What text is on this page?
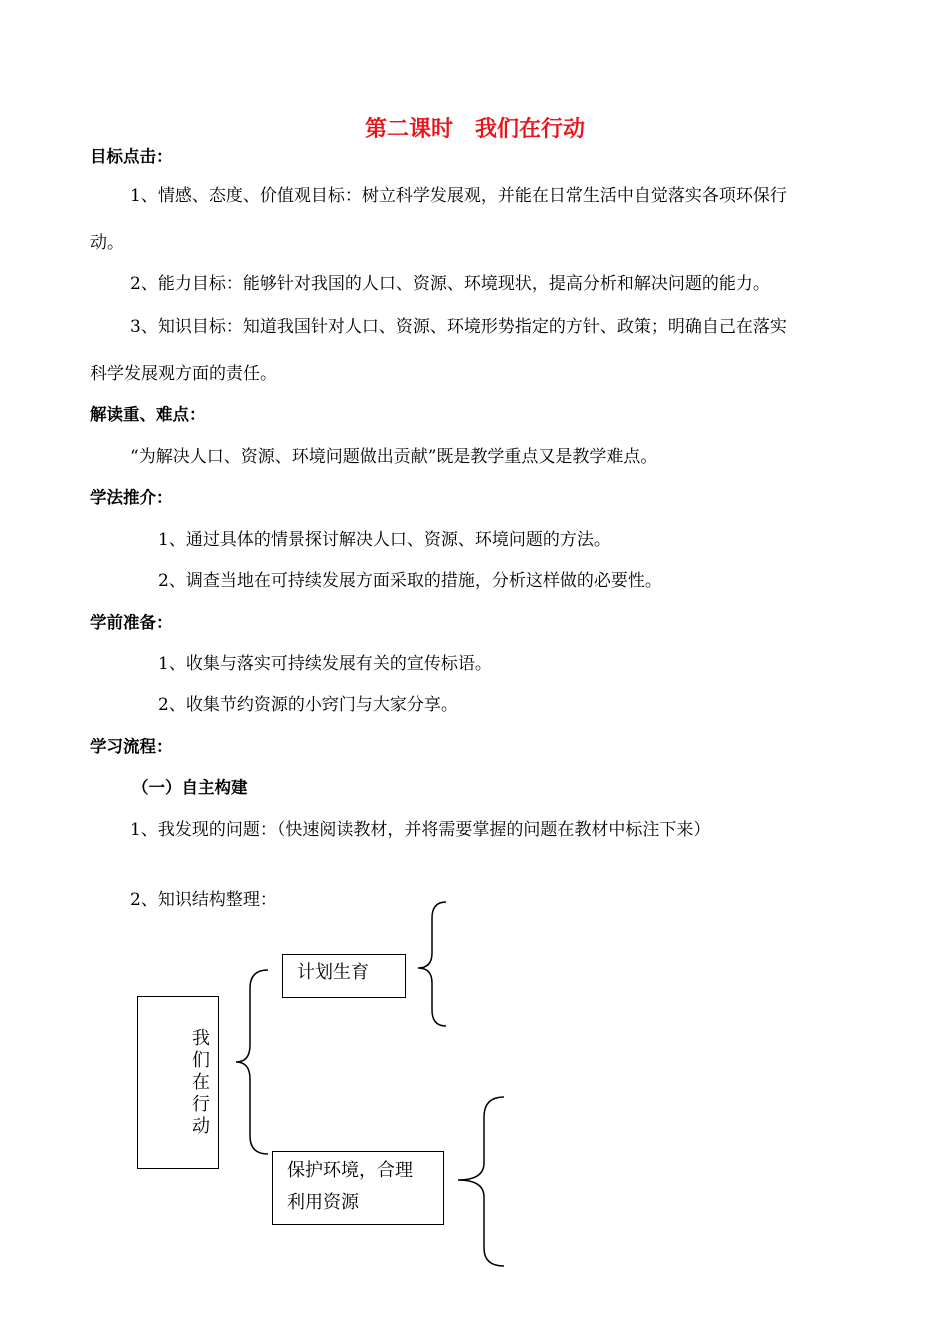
第二课时　我们在行动
目标点击：
1、情感、态度、价值观目标：树立科学发展观，并能在日常生活中自觉落实各项环保行
动。
2、能力目标：能够针对我国的人口、资源、环境现状，提高分析和解决问题的能力。
3、知识目标：知道我国针对人口、资源、环境形势指定的方针、政策；明确自己在落实
科学发展观方面的责任。
解读重、难点：
“为解决人口、资源、环境问题做出贡献”既是教学重点又是教学难点。
学法推介：
1、通过具体的情景探讨解决人口、资源、环境问题的方法。
2、调查当地在可持续发展方面采取的措施，分析这样做的必要性。
学前准备：
1、收集与落实可持续发展有关的宣传标语。
2、收集节约资源的小窍门与大家分享。
学习流程：
（一）自主构建
1、我发现的问题：（快速阅读教材，并将需要掌握的问题在教材中标注下来）
2、知识结构整理：
我们在行动
计划生育
保护环境，合理
利用资源
